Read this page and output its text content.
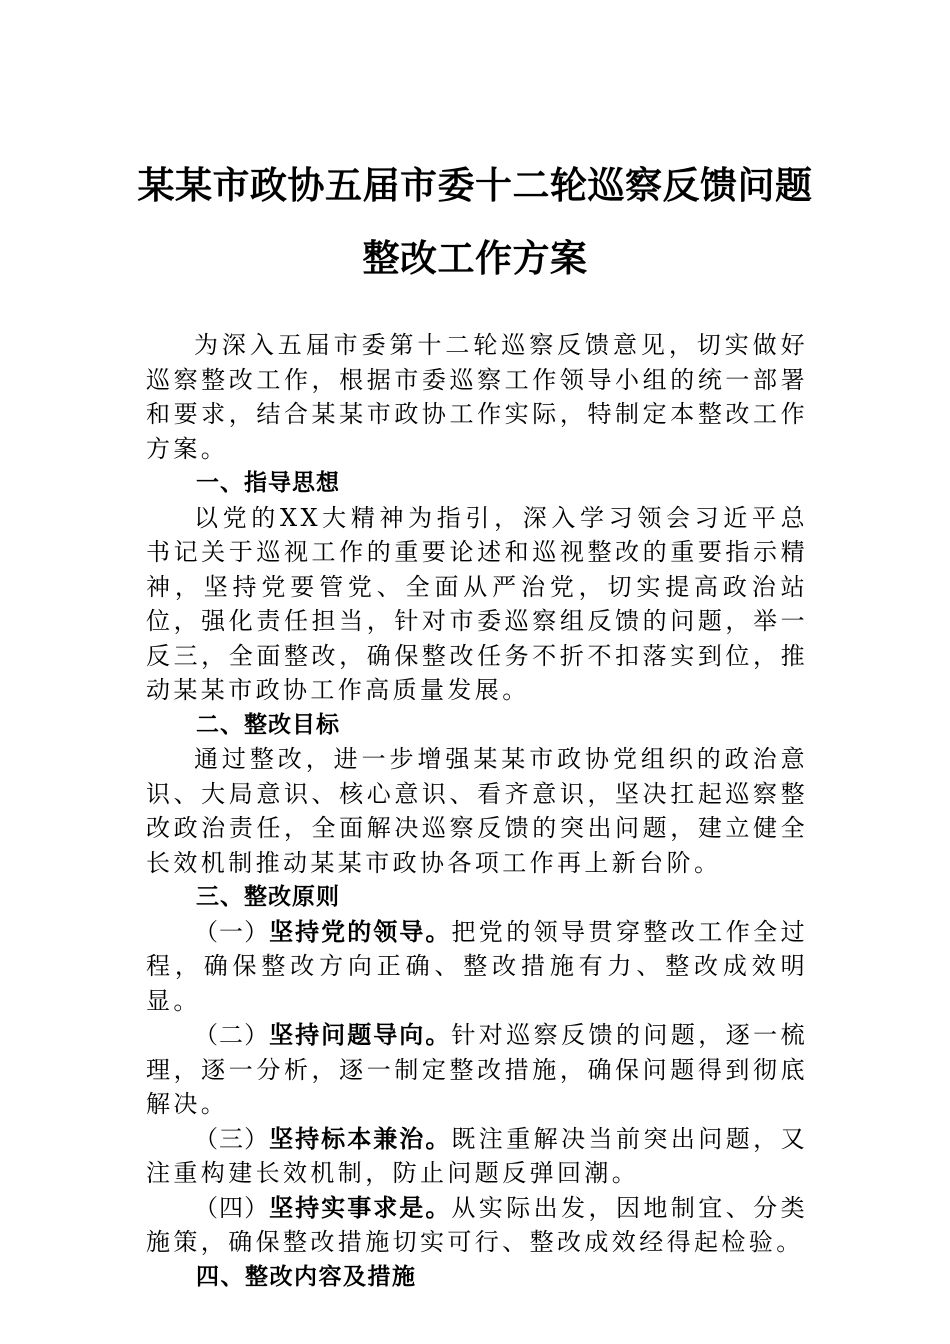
某某市政协五届市委十二轮巡察反馈问题
整改工作方案

为深入五届市委第十二轮巡察反馈意见，切实做好巡察整改工作，根据市委巡察工作领导小组的统一部署和要求，结合某某市政协工作实际，特制定本整改工作方案。

一、指导思想

以党的XX大精神为指引，深入学习领会习近平总书记关于巡视工作的重要论述和巡视整改的重要指示精神，坚持党要管党、全面从严治党，切实提高政治站位，强化责任担当，针对市委巡察组反馈的问题，举一反三，全面整改，确保整改任务不折不扣落实到位，推动某某市政协工作高质量发展。

二、整改目标

通过整改，进一步增强某某市政协党组织的政治意识、大局意识、核心意识、看齐意识，坚决扛起巡察整改政治责任，全面解决巡察反馈的突出问题，建立健全长效机制推动某某市政协各项工作再上新台阶。

三、整改原则

（一）坚持党的领导。把党的领导贯穿整改工作全过程，确保整改方向正确、整改措施有力、整改成效明显。

（二）坚持问题导向。针对巡察反馈的问题，逐一梳理，逐一分析，逐一制定整改措施，确保问题得到彻底解决。

（三）坚持标本兼治。既注重解决当前突出问题，又注重构建长效机制，防止问题反弹回潮。

（四）坚持实事求是。从实际出发，因地制宜、分类施策，确保整改措施切实可行、整改成效经得起检验。

四、整改内容及措施
